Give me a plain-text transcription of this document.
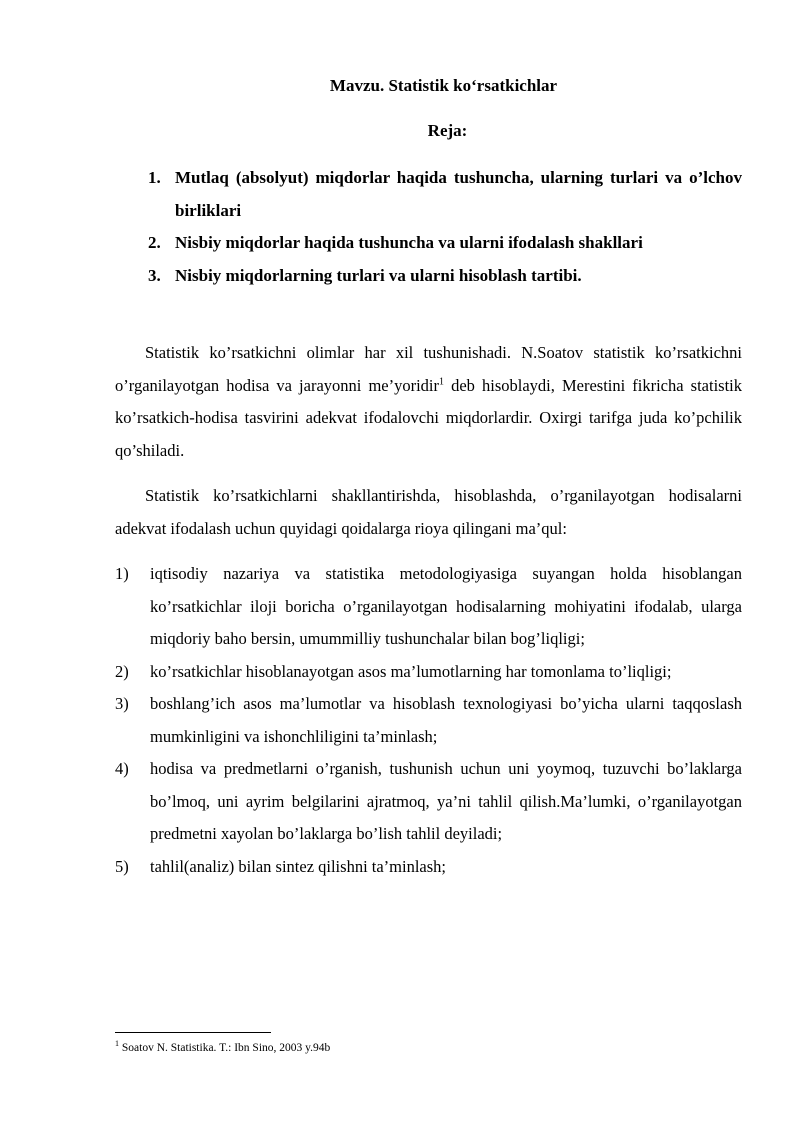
Mavzu. Statistik ko‘rsatkichlar
Reja:
1. Mutlaq (absolyut) miqdorlar haqida tushuncha, ularning turlari va o’lchov birliklari
2. Nisbiy miqdorlar haqida tushuncha va ularni ifodalash shakllari
3. Nisbiy miqdorlarning turlari va ularni hisoblash tartibi.

Statistik ko’rsatkichni olimlar har xil tushunishadi. N.Soatov statistik ko’rsatkichni o’rganilayotgan hodisa va jarayonni me’yoridir$^1$ deb hisoblaydi, Merestini fikricha statistik ko’rsatkich-hodisa tasvirini adekvat ifodalovchi miqdorlardir. Oxirgi tarifga juda ko’pchilik qo’shiladi.

Statistik ko’rsatkichlarni shakllantirishda, hisoblashda, o’rganilayotgan hodisalarni adekvat ifodalash uchun quyidagi qoidalarga rioya qilingani ma’qul:

1) iqtisodiy nazariya va statistika metodologiyasiga suyangan holda hisoblangan ko’rsatkichlar iloji boricha o’rganilayotgan hodisalarning mohiyatini ifodalab, ularga miqdoriy baho bersin, umummilliy tushunchalar bilan bog’liqligi;
2) ko’rsatkichlar hisoblanayotgan asos ma’lumotlarning har tomonlama to’liqligi;
3) boshlang’ich asos ma’lumotlar va hisoblash texnologiyasi bo’yicha ularni taqqoslash mumkinligini va ishonchliligini ta’minlash;
4) hodisa va predmetlarni o’rganish, tushunish uchun uni yoymoq, tuzuvchi bo’laklarga bo’lmoq, uni ayrim belgilarini ajratmoq, ya’ni tahlil qilish.Ma’lumki, o’rganilayotgan predmetni xayolan bo’laklarga bo’lish tahlil deyiladi;
5) tahlil(analiz) bilan sintez qilishni ta’minlash;
$^1$ Soatov N. Statistika. T.: Ibn Sino, 2003 y.94b
